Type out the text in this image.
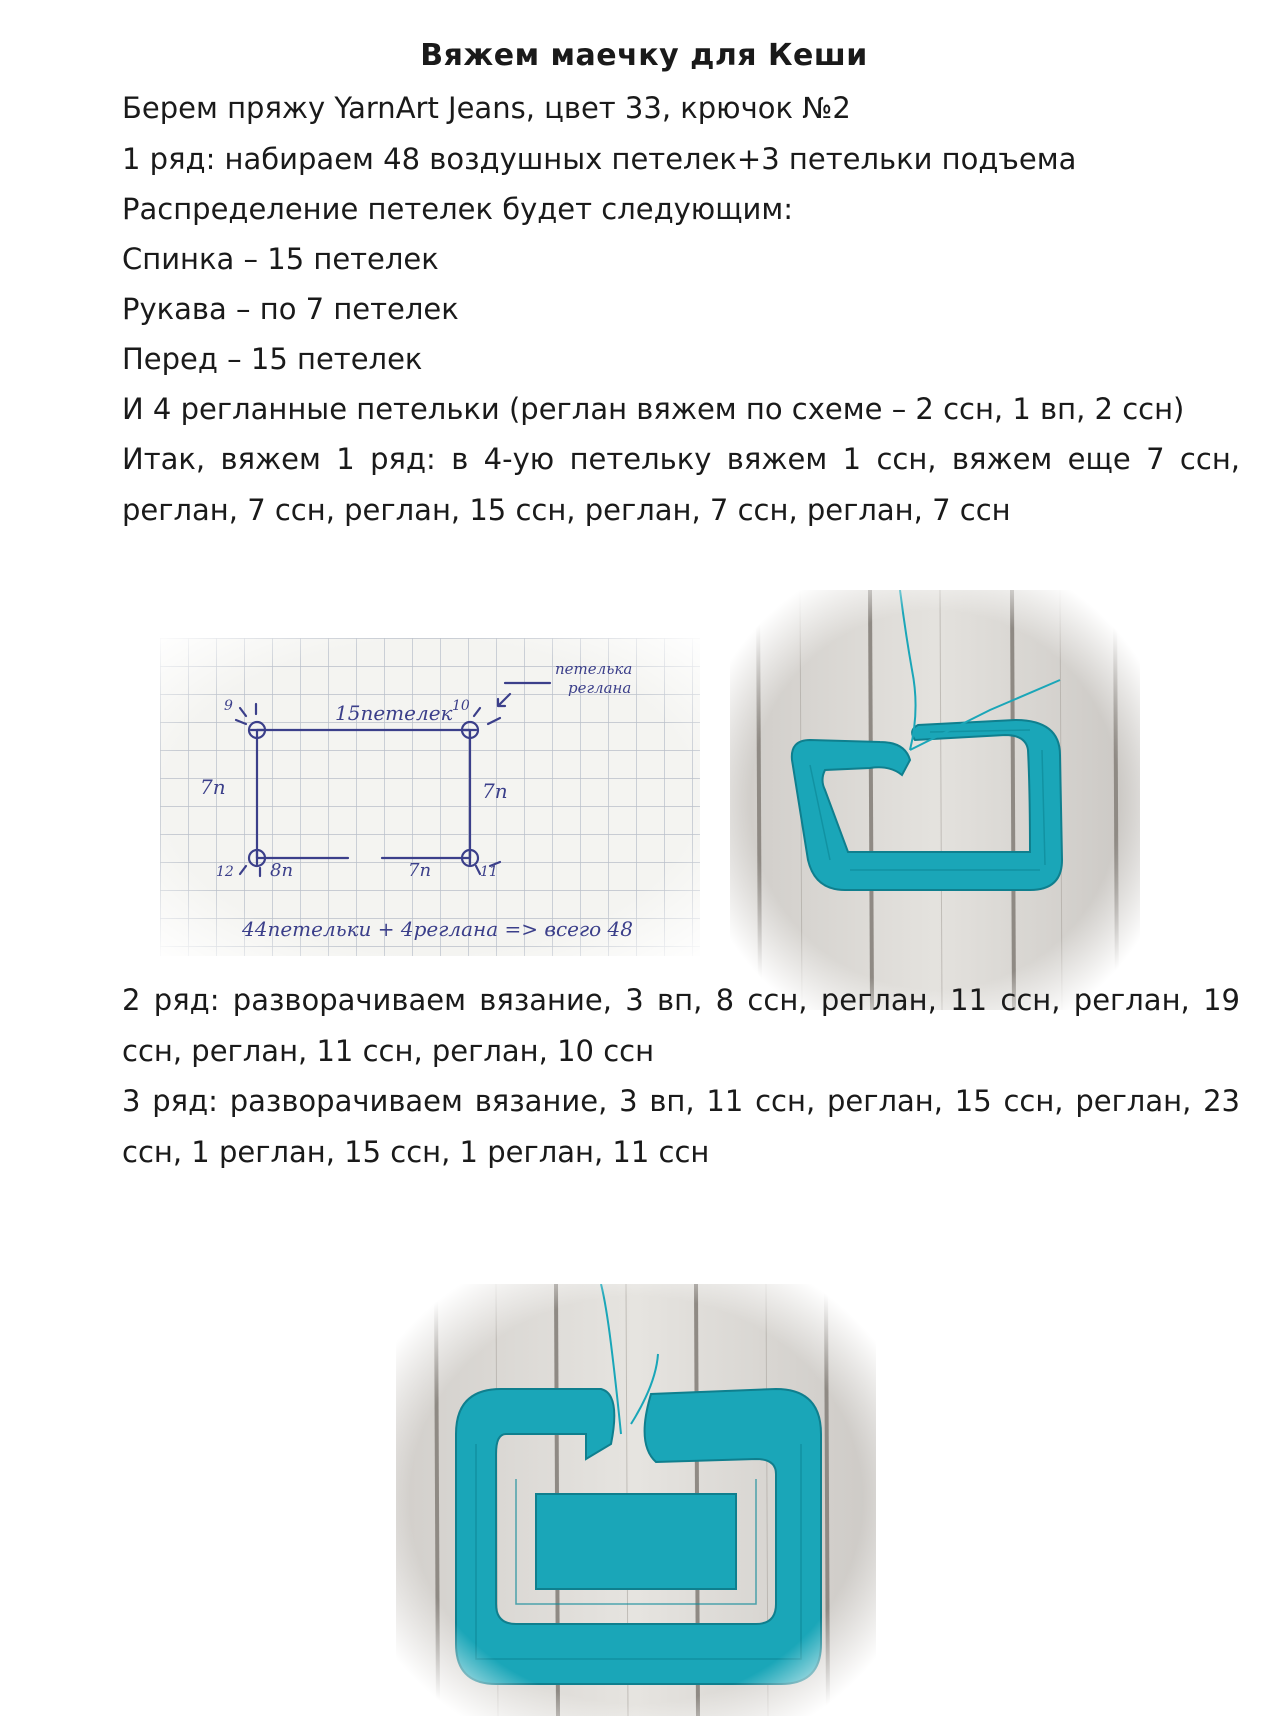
Вяжем маечку для Кеши
Берем пряжу YarnArt Jeans, цвет 33, крючок №2
1 ряд: набираем 48 воздушных петелек+3 петельки подъема
Распределение петелек будет следующим:
Спинка – 15 петелек
Рукава – по 7 петелек
Перед – 15 петелек
И 4 регланные петельки (реглан вяжем по схеме – 2 ссн, 1 вп, 2 ссн)
Итак, вяжем 1 ряд: в 4-ую петельку вяжем 1 ссн, вяжем еще 7 ссн,
реглан, 7 ссн, реглан, 15 ссн, реглан, 7 ссн, реглан, 7 ссн
15петелек
петелька
реглана
7п	7п
8п	7п
9	10
11
12
44петельки + 4реглана => всего 48
2 ряд: разворачиваем вязание, 3 вп, 8 ссн, реглан, 11 ссн, реглан, 19
ссн, реглан, 11 ссн, реглан, 10 ссн
3 ряд: разворачиваем вязание, 3 вп, 11 ссн, реглан, 15 ссн, реглан, 23
ссн, 1 реглан, 15 ссн, 1 реглан, 11 ссн
